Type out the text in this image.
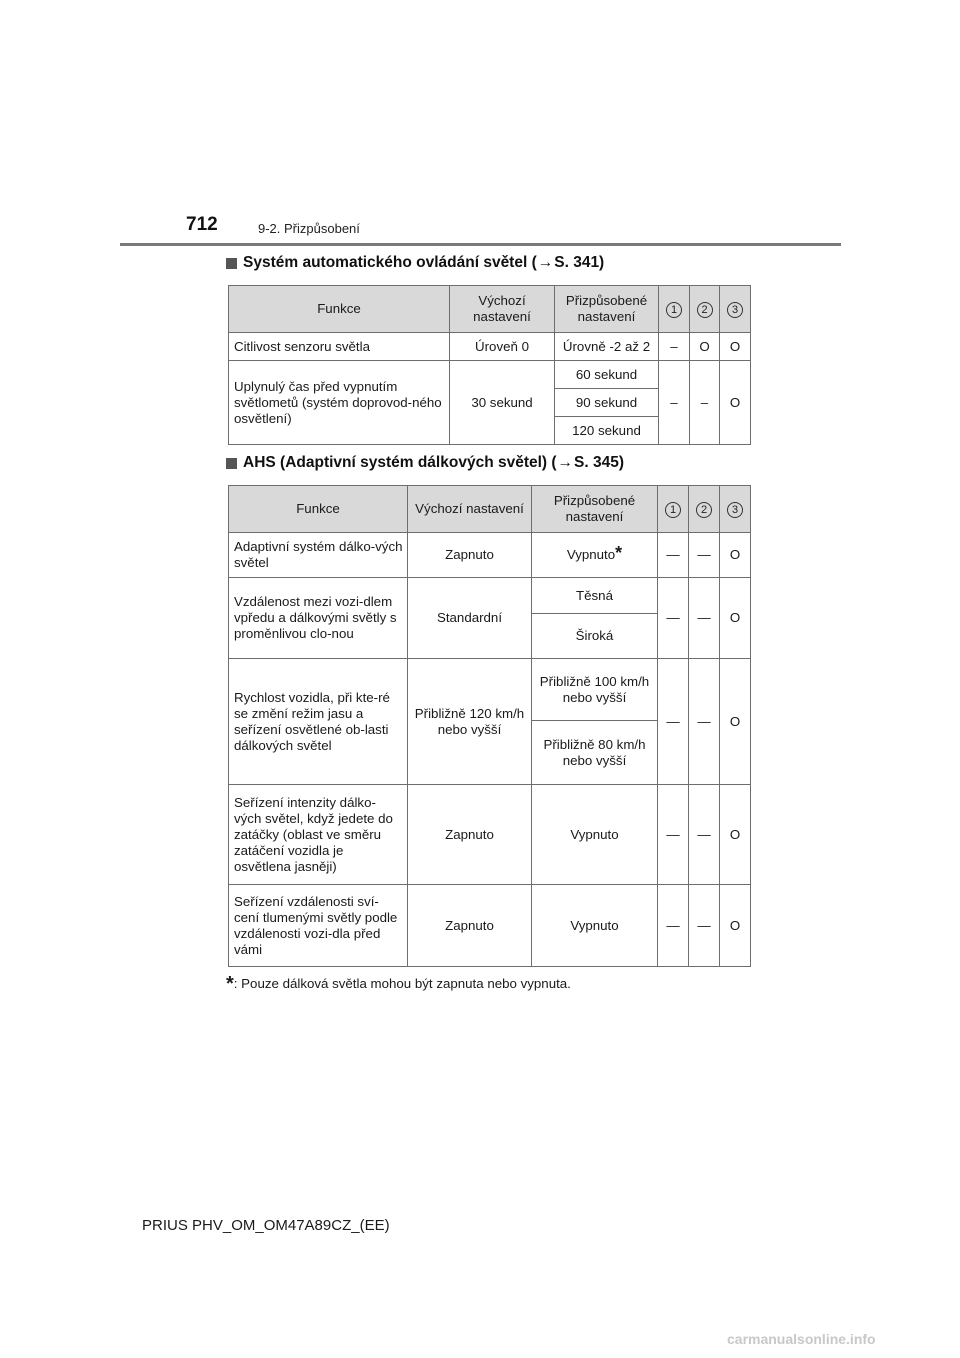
712	9-2. Přizpůsobení
Systém automatického ovládání světel ( → S. 341)
Funkce	Výchozí nastavení	Přizpůsobené nastavení	1	2	3
Citlivost senzoru světla	Úroveň 0	Úrovně -2 až 2	–	O	O
Uplynulý čas před vypnutím světlometů (systém doprovod-ného osvětlení)	30 sekund	60 sekund	–	–	O
		90 sekund			
		120 sekund			
AHS (Adaptivní systém dálkových světel) ( → S. 345)
Funkce	Výchozí nastavení	Přizpůsobené nastavení	1	2	3
Adaptivní systém dálko-vých světel	Zapnuto	Vypnuto*	—	—	O
Vzdálenost mezi vozi-dlem vpředu a dálkovými světly s proměnlivou clo-nou	Standardní	Těsná	—	—	O
		Široká			
Rychlost vozidla, při kte-ré se změní režim jasu a seřízení osvětlené ob-lasti dálkových světel	Přibližně 120 km/h nebo vyšší	Přibližně 100 km/h nebo vyšší	—	—	O
		Přibližně 80 km/h nebo vyšší			
Seřízení intenzity dálko-vých světel, když jedete do zatáčky (oblast ve směru zatáčení vozidla je osvětlena jasněji)	Zapnuto	Vypnuto	—	—	O
Seřízení vzdálenosti sví-cení tlumenými světly podle vzdálenosti vozi-dla před vámi	Zapnuto	Vypnuto	—	—	O
*: Pouze dálková světla mohou být zapnuta nebo vypnuta.
PRIUS PHV_OM_OM47A89CZ_(EE)
carmanualsonline.info
